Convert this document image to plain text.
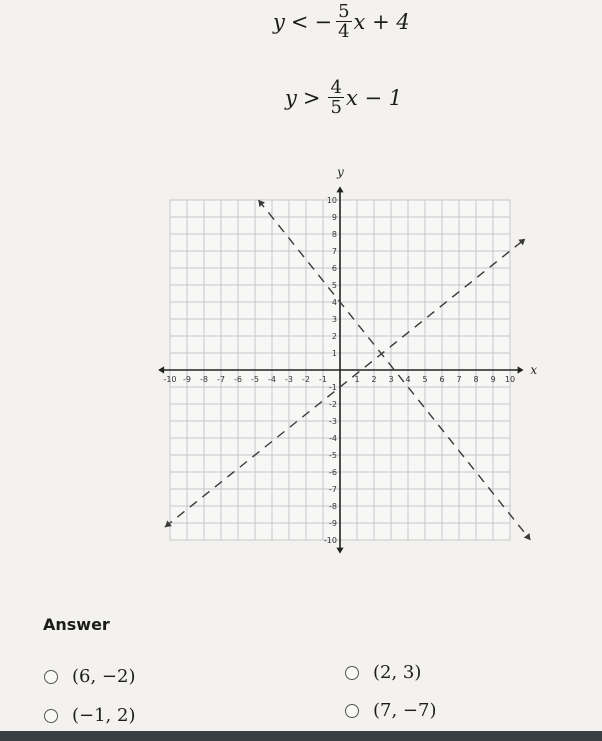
y < − $\frac{5}{4}$ x + 4
$y > \frac{4}{5}$ x − 1
x
y
-10 -9 -8 -7 -6 -5 -4 -3 -2 -1	1 2 3 4 5 6 7 8 9 10
10
9
8
7
6
5
4
3
2
1
-1
-2
-3
-4
-5
-6
-7
-8
-9
-10
Answer
(6, −2)	(2, 3)
(−1, 2)	(7, −7)
